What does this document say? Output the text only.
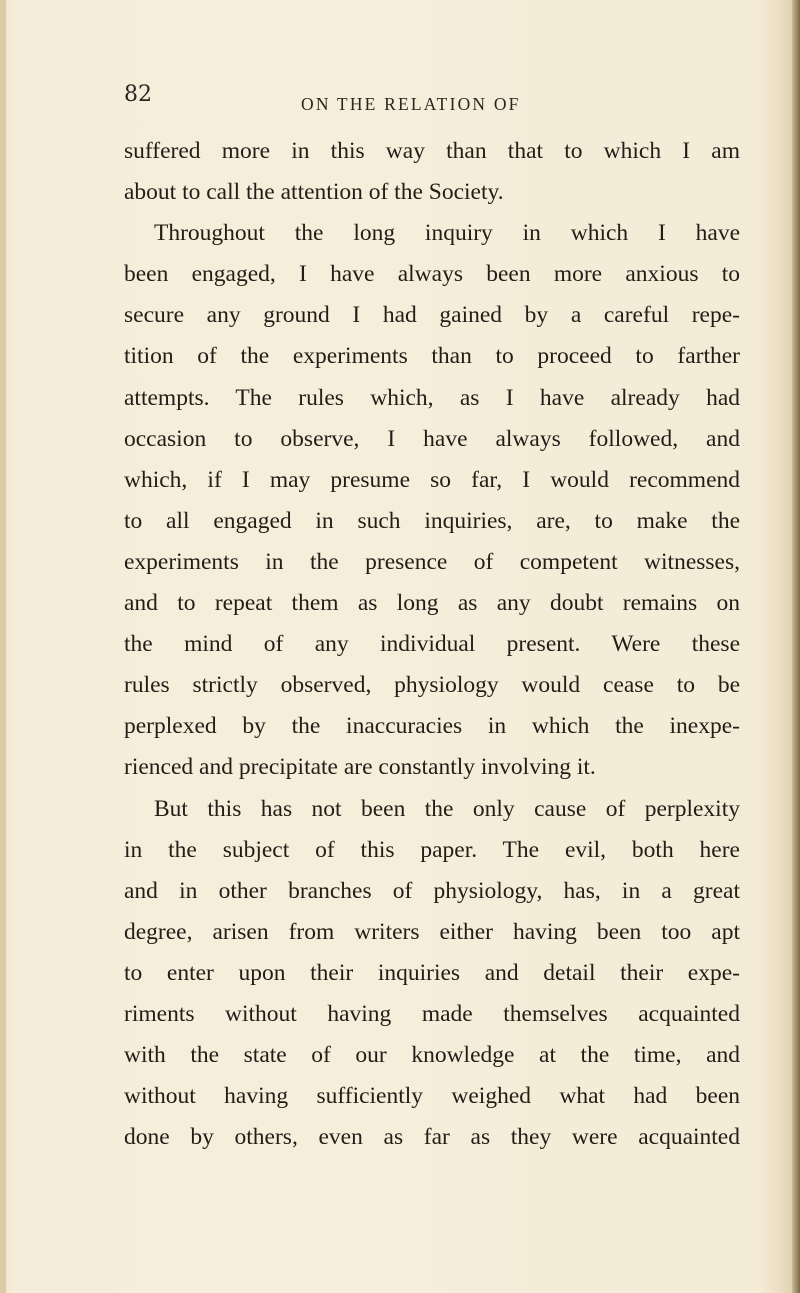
82	ON THE RELATION OF
suffered more in this way than that to which I am
about to call the attention of the Society.
Throughout the long inquiry in which I have
been engaged, I have always been more anxious to
secure any ground I had gained by a careful repe-
tition of the experiments than to proceed to farther
attempts. The rules which, as I have already had
occasion to observe, I have always followed, and
which, if I may presume so far, I would recommend
to all engaged in such inquiries, are, to make the
experiments in the presence of competent witnesses,
and to repeat them as long as any doubt remains on
the mind of any individual present. Were these
rules strictly observed, physiology would cease to be
perplexed by the inaccuracies in which the inexpe-
rienced and precipitate are constantly involving it.
But this has not been the only cause of perplexity
in the subject of this paper. The evil, both here
and in other branches of physiology, has, in a great
degree, arisen from writers either having been too apt
to enter upon their inquiries and detail their expe-
riments without having made themselves acquainted
with the state of our knowledge at the time, and
without having sufficiently weighed what had been
done by others, even as far as they were acquainted
